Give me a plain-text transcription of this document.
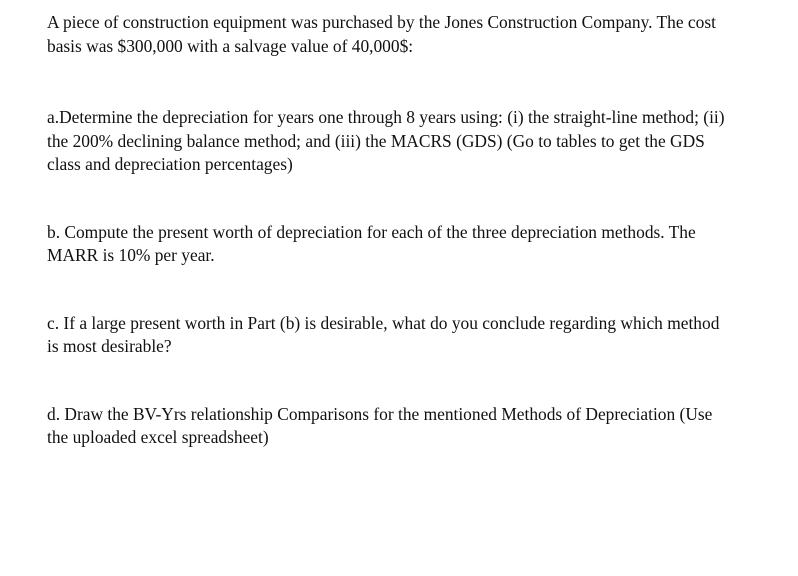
A piece of construction equipment was purchased by the Jones Construction Company. The cost
basis was $300,000 with a salvage value of 40,000$:

a.Determine the depreciation for years one through 8 years using: (i) the straight-line method; (ii)
the 200% declining balance method; and (iii) the MACRS (GDS) (Go to tables to get the GDS
class and depreciation percentages)

b. Compute the present worth of depreciation for each of the three depreciation methods. The
MARR is 10% per year.

c. If a large present worth in Part (b) is desirable, what do you conclude regarding which method
is most desirable?

d. Draw the BV-Yrs relationship Comparisons for the mentioned Methods of Depreciation (Use
the uploaded excel spreadsheet)
